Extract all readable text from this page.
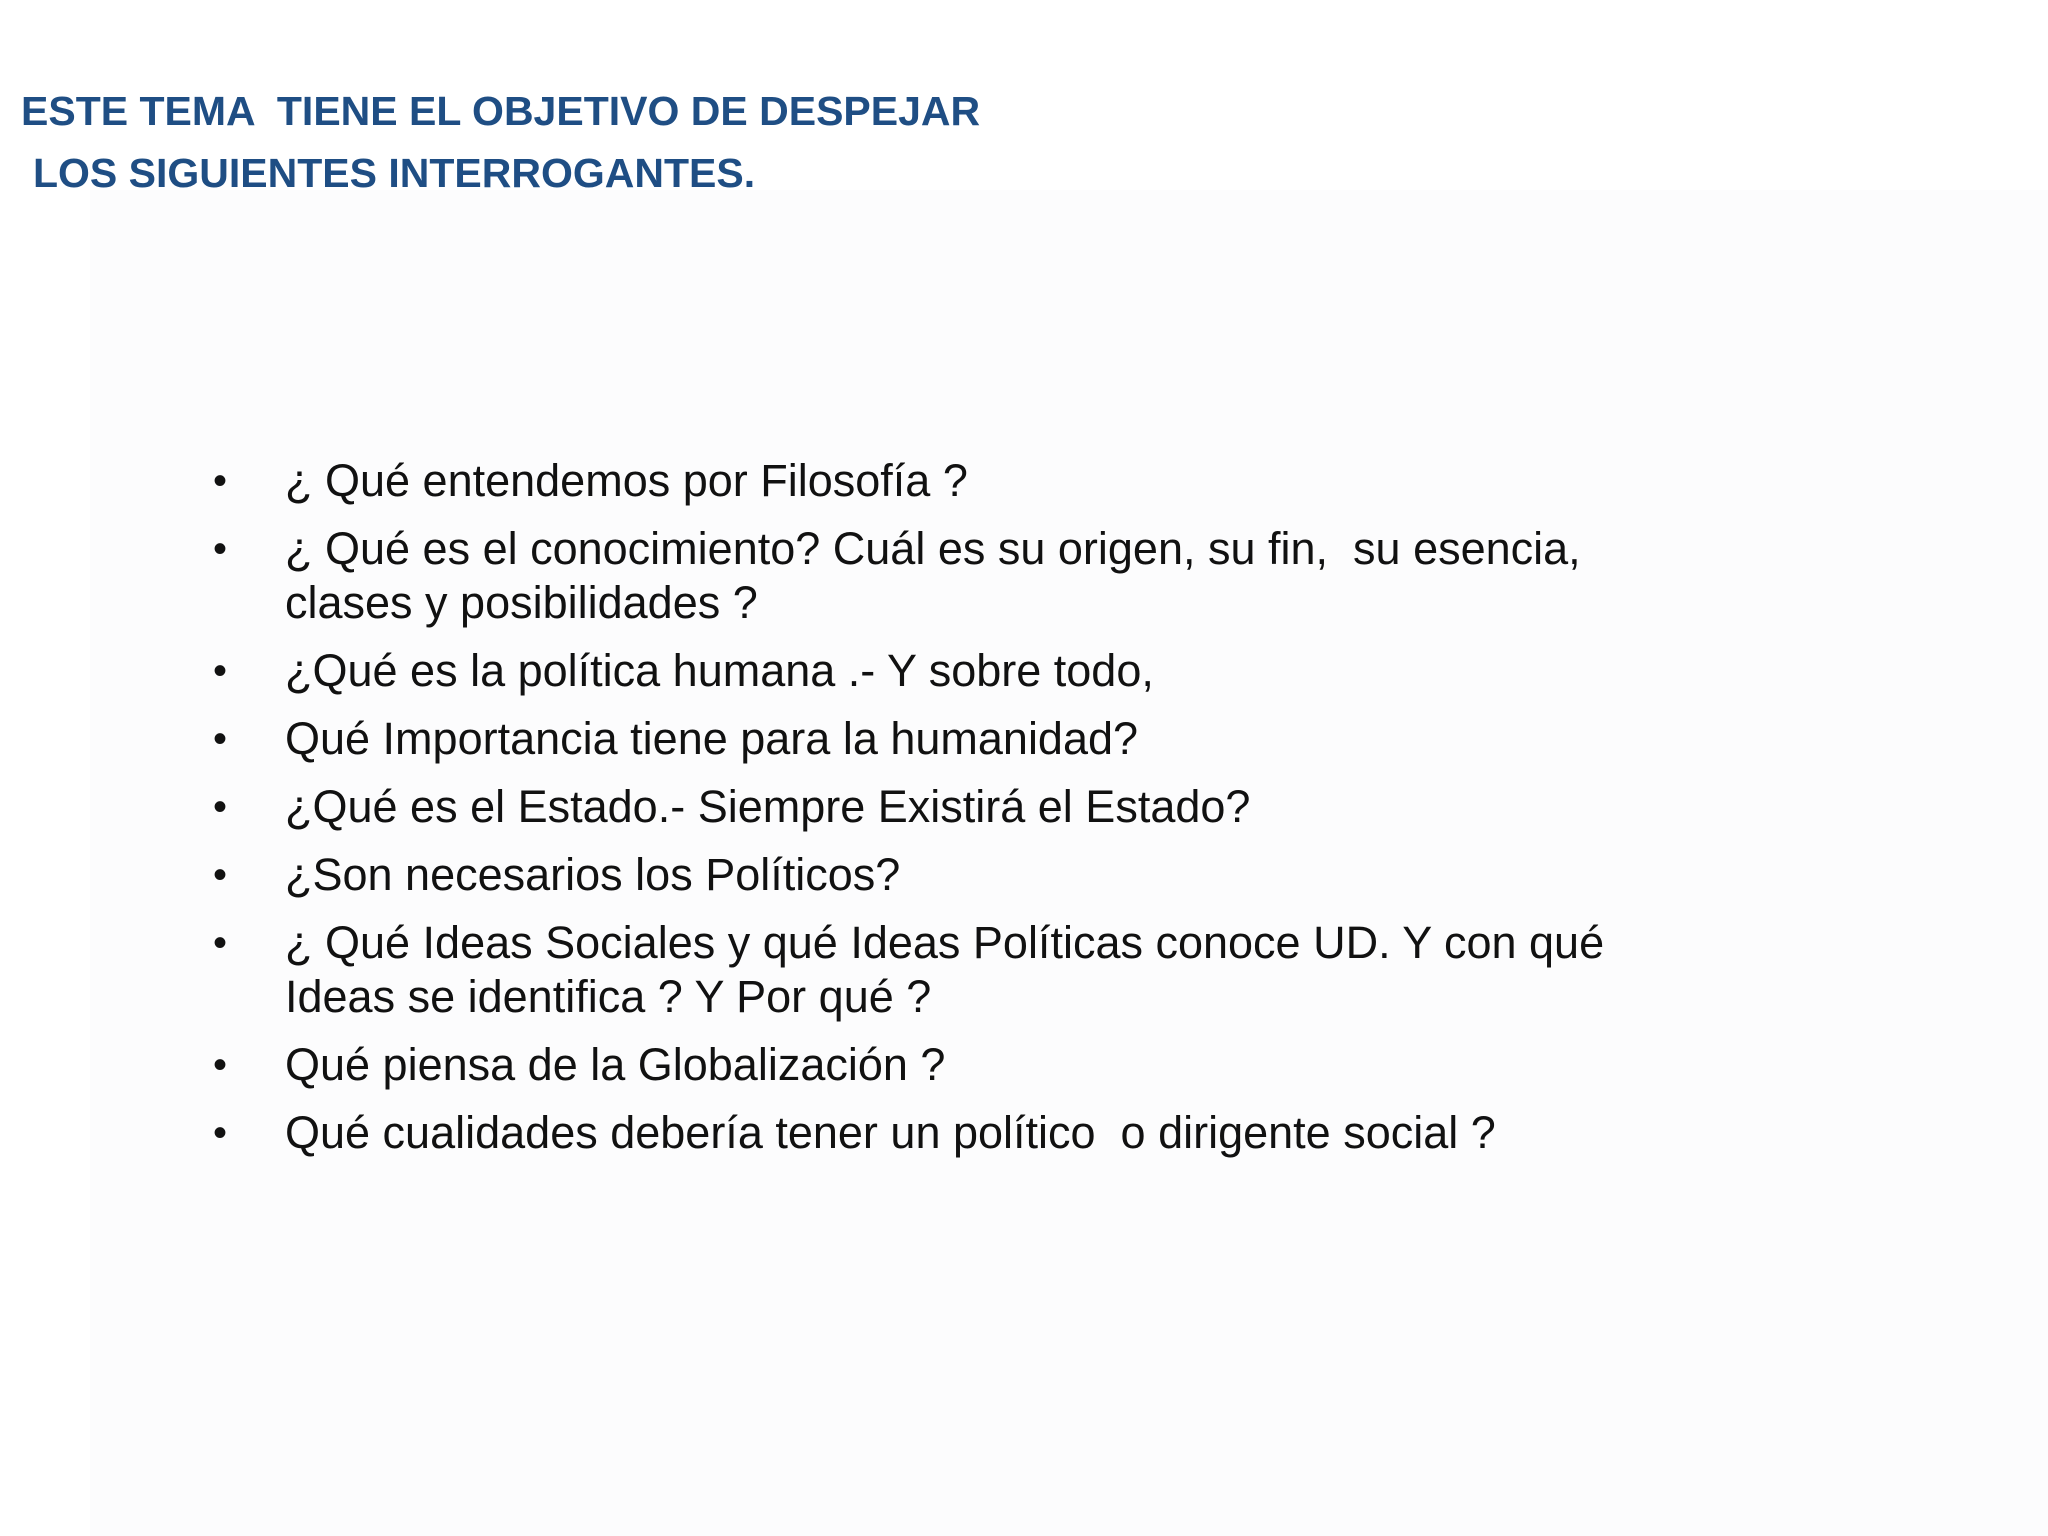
ESTE TEMA  TIENE EL OBJETIVO DE DESPEJAR
LOS SIGUIENTES INTERROGANTES.
• ¿ Qué entendemos por Filosofía ?
• ¿ Qué es el conocimiento? Cuál es su origen, su fin,  su esencia,
clases y posibilidades ?
• ¿Qué es la política humana .- Y sobre todo,
• Qué Importancia tiene para la humanidad?
• ¿Qué es el Estado.- Siempre Existirá el Estado?
• ¿Son necesarios los Políticos?
• ¿ Qué Ideas Sociales y qué Ideas Políticas conoce UD. Y con qué
Ideas se identifica ? Y Por qué ?
• Qué piensa de la Globalización ?
• Qué cualidades debería tener un político  o dirigente social ?
